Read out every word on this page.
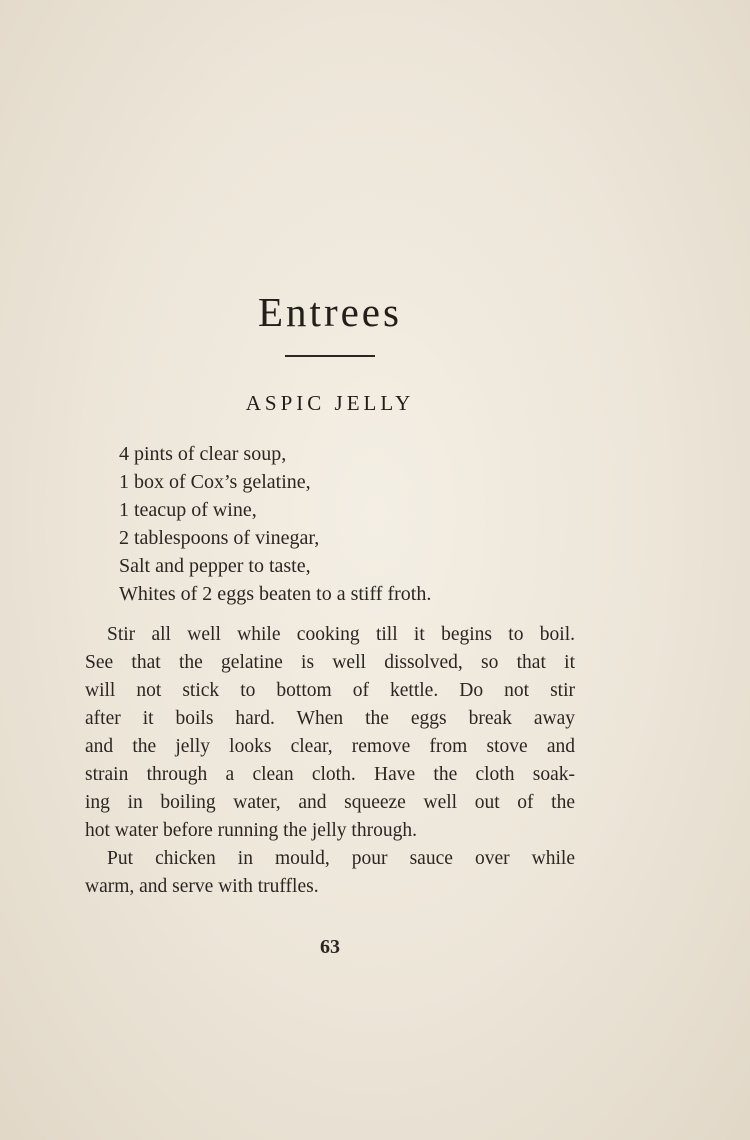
Entrees
ASPIC JELLY
4 pints of clear soup,
1 box of Cox’s gelatine,
1 teacup of wine,
2 tablespoons of vinegar,
Salt and pepper to taste,
Whites of 2 eggs beaten to a stiff froth.
Stir all well while cooking till it begins to boil.
See that the gelatine is well dissolved, so that it
will not stick to bottom of kettle. Do not stir
after it boils hard. When the eggs break away
and the jelly looks clear, remove from stove and
strain through a clean cloth. Have the cloth soak-
ing in boiling water, and squeeze well out of the
hot water before running the jelly through.
Put chicken in mould, pour sauce over while
warm, and serve with truffles.
63
